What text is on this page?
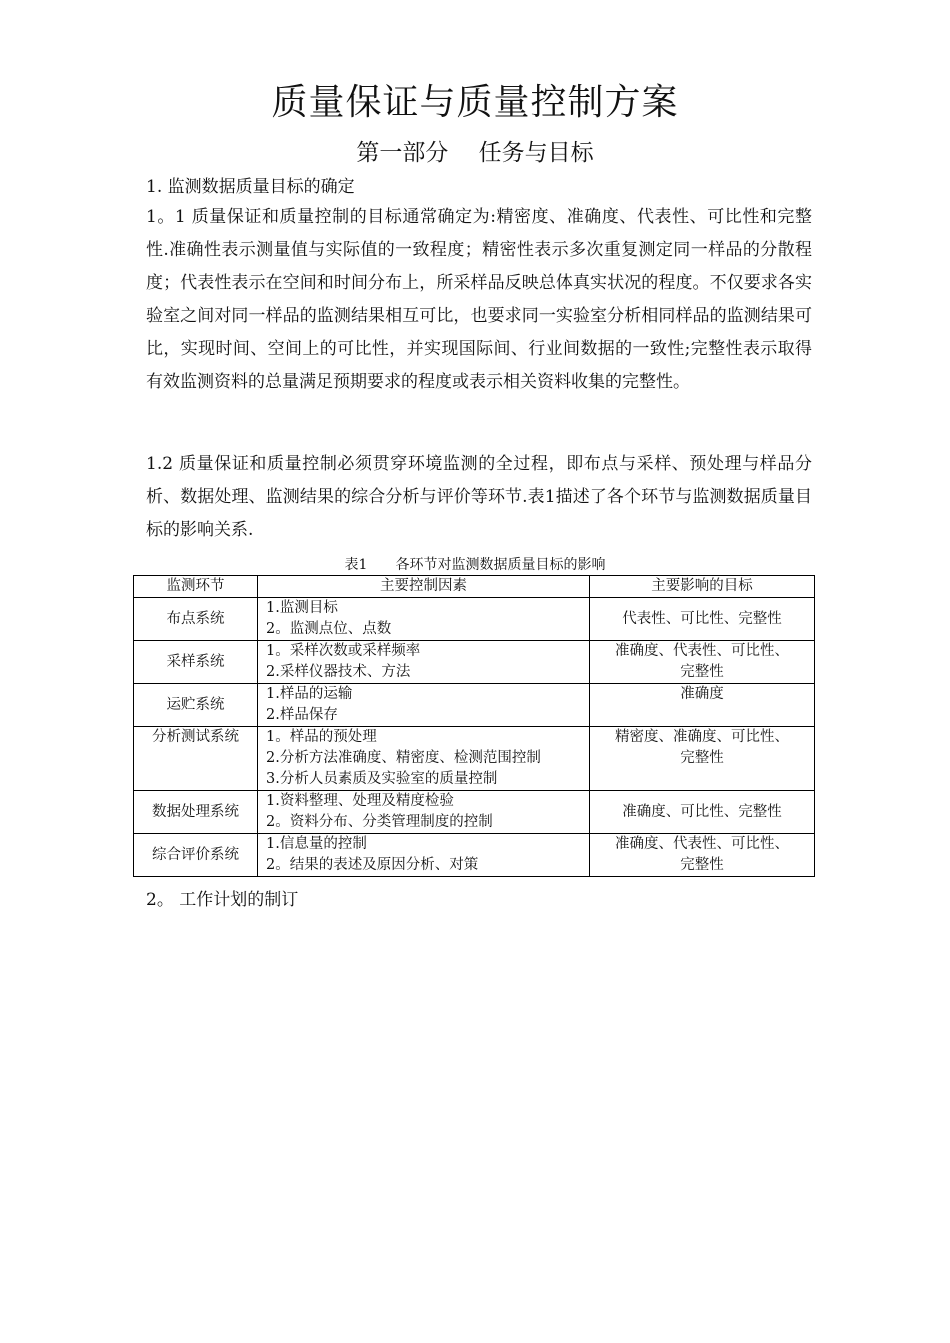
质量保证与质量控制方案
第一部分　 任务与目标
1. 监测数据质量目标的确定
1。1 质量保证和质量控制的目标通常确定为:精密度、准确度、代表性、可比性和完整性.准确性表示测量值与实际值的一致程度；精密性表示多次重复测定同一样品的分散程度；代表性表示在空间和时间分布上，所采样品反映总体真实状况的程度。不仅要求各实验室之间对同一样品的监测结果相互可比，也要求同一实验室分析相同样品的监测结果可比，实现时间、空间上的可比性，并实现国际间、行业间数据的一致性;完整性表示取得有效监测资料的总量满足预期要求的程度或表示相关资料收集的完整性。
1.2 质量保证和质量控制必须贯穿环境监测的全过程，即布点与采样、预处理与样品分析、数据处理、监测结果的综合分析与评价等环节.表1描述了各个环节与监测数据质量目标的影响关系.
表1　　各环节对监测数据质量目标的影响
监测环节	主要控制因素	主要影响的目标
布点系统	1.监测目标
2。监测点位、点数	代表性、可比性、完整性

采样系统	1。采样次数或采样频率
2.采样仪器技术、方法	准确度、代表性、可比性、
完整性

运贮系统	1.样品的运输
2.样品保存	准确度

分析测试系统	1。样品的预处理
2.分析方法准确度、精密度、检测范围控制
3.分析人员素质及实验室的质量控制	精密度、准确度、可比性、
完整性

数据处理系统	1.资料整理、处理及精度检验
2。资料分布、分类管理制度的控制	准确度、可比性、完整性

综合评价系统	1.信息量的控制
2。结果的表述及原因分析、对策	准确度、代表性、可比性、
完整性
2。 工作计划的制订
